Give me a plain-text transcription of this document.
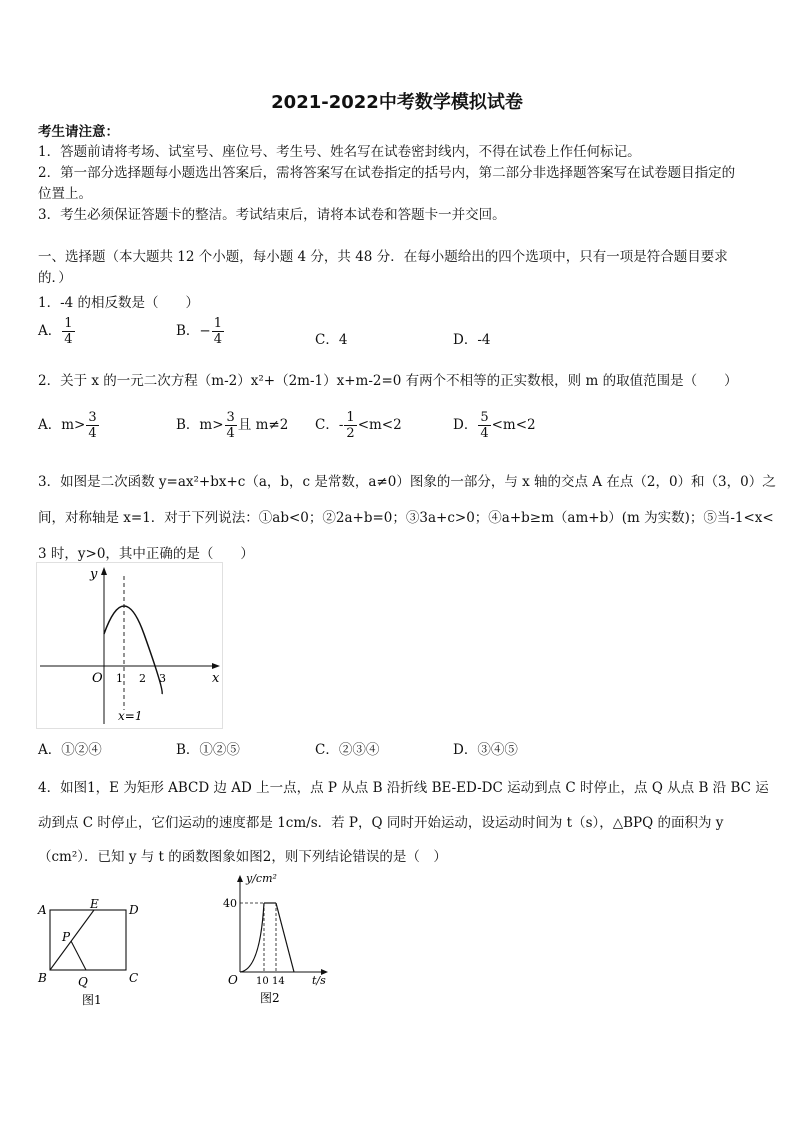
2021-2022中考数学模拟试卷
考生请注意：
1．答题前请将考场、试室号、座位号、考生号、姓名写在试卷密封线内，不得在试卷上作任何标记。
2．第一部分选择题每小题选出答案后，需将答案写在试卷指定的括号内，第二部分非选择题答案写在试卷题目指定的
位置上。
3．考生必须保证答题卡的整洁。考试结束后，请将本试卷和答题卡一并交回。
一、选择题（本大题共 12 个小题，每小题 4 分，共 48 分．在每小题给出的四个选项中，只有一项是符合题目要求
的．）
1．-4 的相反数是（　　）
A． $\frac{1}{4}$	B．− $\frac{1}{4}$	C．4	D．-4
2．关于 x 的一元二次方程（m-2）x²+（2m-1）x+m-2=0 有两个不相等的正实数根，则 m 的取值范围是（　　）
A．$m> \frac{3}{4}$	B．$m> \frac{3}{4}$ 且 m≠2 C．- $\frac{1}{2} <m<2$	D． $\frac{5}{4} <m<2$
3．如图是二次函数 y=ax²+bx+c（a，b，c 是常数，a≠0）图象的一部分，与 x 轴的交点 A 在点（2，0）和（3，0）之
间，对称轴是 x=1．对于下列说法：①ab<0；②2a+b=0；③3a+c>0；④a+b≥m（am+b）(m 为实数)；⑤当-1<x<
3 时，y>0，其中正确的是（　　）
y
x
O 1 2 3
x=1
A．①②④	B．①②⑤	C．②③④	D．③④⑤
4．如图1，E 为矩形 ABCD 边 AD 上一点，点 P 从点 B 沿折线 BE-ED-DC 运动到点 C 时停止，点 Q 从点 B 沿 BC 运
动到点 C 时停止，它们运动的速度都是 1cm/s．若 P，Q 同时开始运动，设运动时间为 t（s），△BPQ 的面积为 y
（cm²）．已知 y 与 t 的函数图象如图2，则下列结论错误的是（　）
A	E	D
P
B	Q	C
图1
y/cm²
40
O 10 14 t/s
图2
